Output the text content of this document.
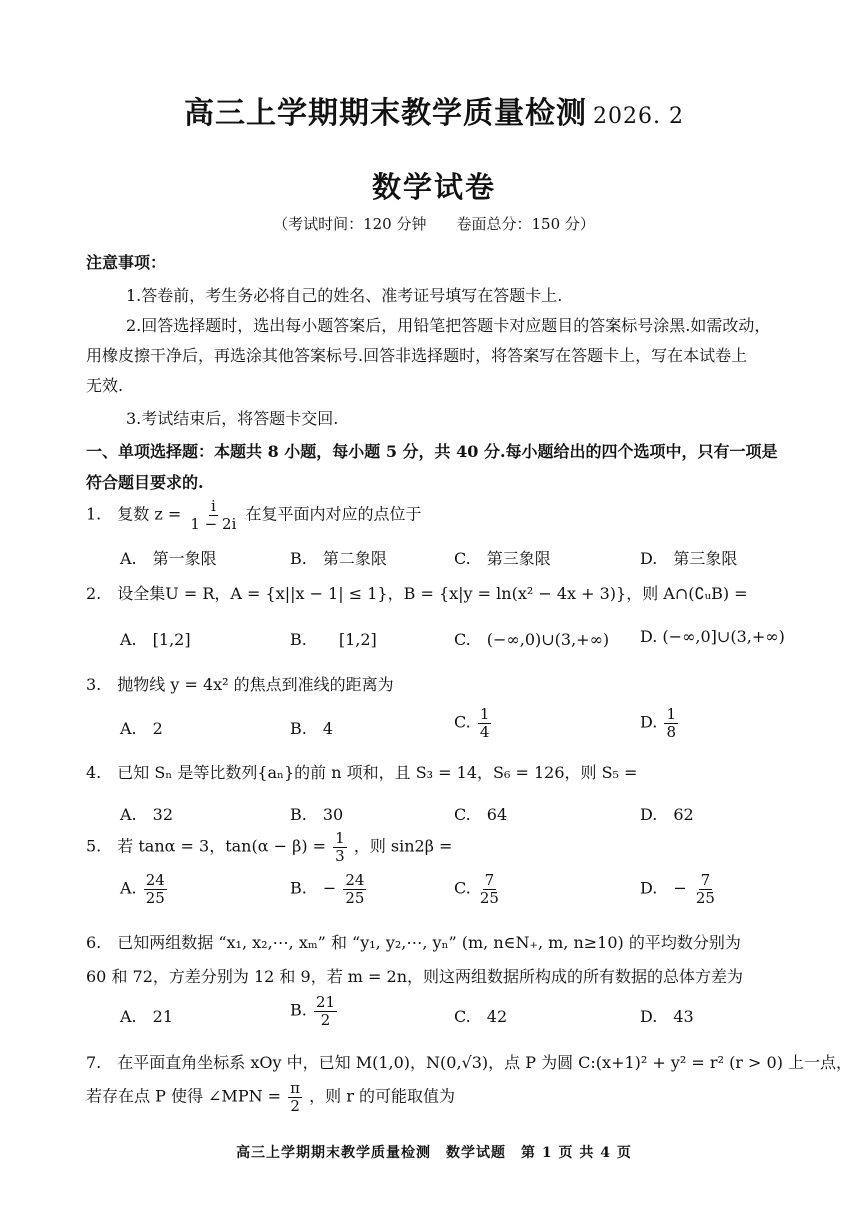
高三上学期期末教学质量检测 2026. 2
数学试卷
（考试时间：120 分钟　　卷面总分：150 分）
注意事项：
1.答卷前，考生务必将自己的姓名、准考证号填写在答题卡上.
2.回答选择题时，选出每小题答案后，用铅笔把答题卡对应题目的答案标号涂黑.如需改动，
用橡皮擦干净后，再选涂其他答案标号.回答非选择题时，将答案写在答题卡上，写在本试卷上
无效.
3.考试结束后，将答题卡交回.
一、单项选择题：本题共 8 小题，每小题 5 分，共 40 分.每小题给出的四个选项中，只有一项是
符合题目要求的.
1.　复数 $z = \frac{i}{1 - 2i}$ 在复平面内对应的点位于
A.　第一象限	B.　第二象限	C.　第三象限	D.　第三象限
2.　设全集U = R，A = {x||x − 1| ≤ 1}，B = {x|y = ln(x² − 4x + 3)}，则 A∩(∁ᵤB) =
A.　[1,2]	B.　　[1,2]	C.　(−∞,0)∪(3,+∞) D. (−∞,0]∪(3,+∞)
3.　抛物线 y = 4x² 的焦点到准线的距离为
A.　2	B.　4	C. $\frac{1}{4}$	D. $\frac{1}{8}$
4.　已知 Sₙ 是等比数列{aₙ}的前 n 项和，且 S₃ = 14，S₆ = 126，则 S₅ =
A.　32	B.　30	C.　64	D.　62
5.　若 tanα = 3，$\tan(\alpha - \beta) = \frac{1}{3}$ ，则 sin2β =
A. $\frac{24}{25}$	B.　− $\frac{24}{25}$	C. $\frac{7}{25}$	D.　− $\frac{7}{25}$
6.　已知两组数据 “x₁, x₂,⋯, xₘ” 和 “y₁, y₂,⋯, yₙ” (m, n∈N₊, m, n≥10) 的平均数分别为
60 和 72，方差分别为 12 和 9，若 m = 2n，则这两组数据所构成的所有数据的总体方差为
A.　21	B. $\frac{21}{2}$	C.　42	D.　43
7.　在平面直角坐标系 xOy 中，已知 M(1,0)，N(0,√3)，点 P 为圆 C:(x+1)² + y² = r² (r > 0) 上一点，
若存在点 P 使得 ∠MPN = $\frac{\pi}{2}$ ，则 r 的可能取值为
高三上学期期末教学质量检测　数学试题　第 1 页 共 4 页
